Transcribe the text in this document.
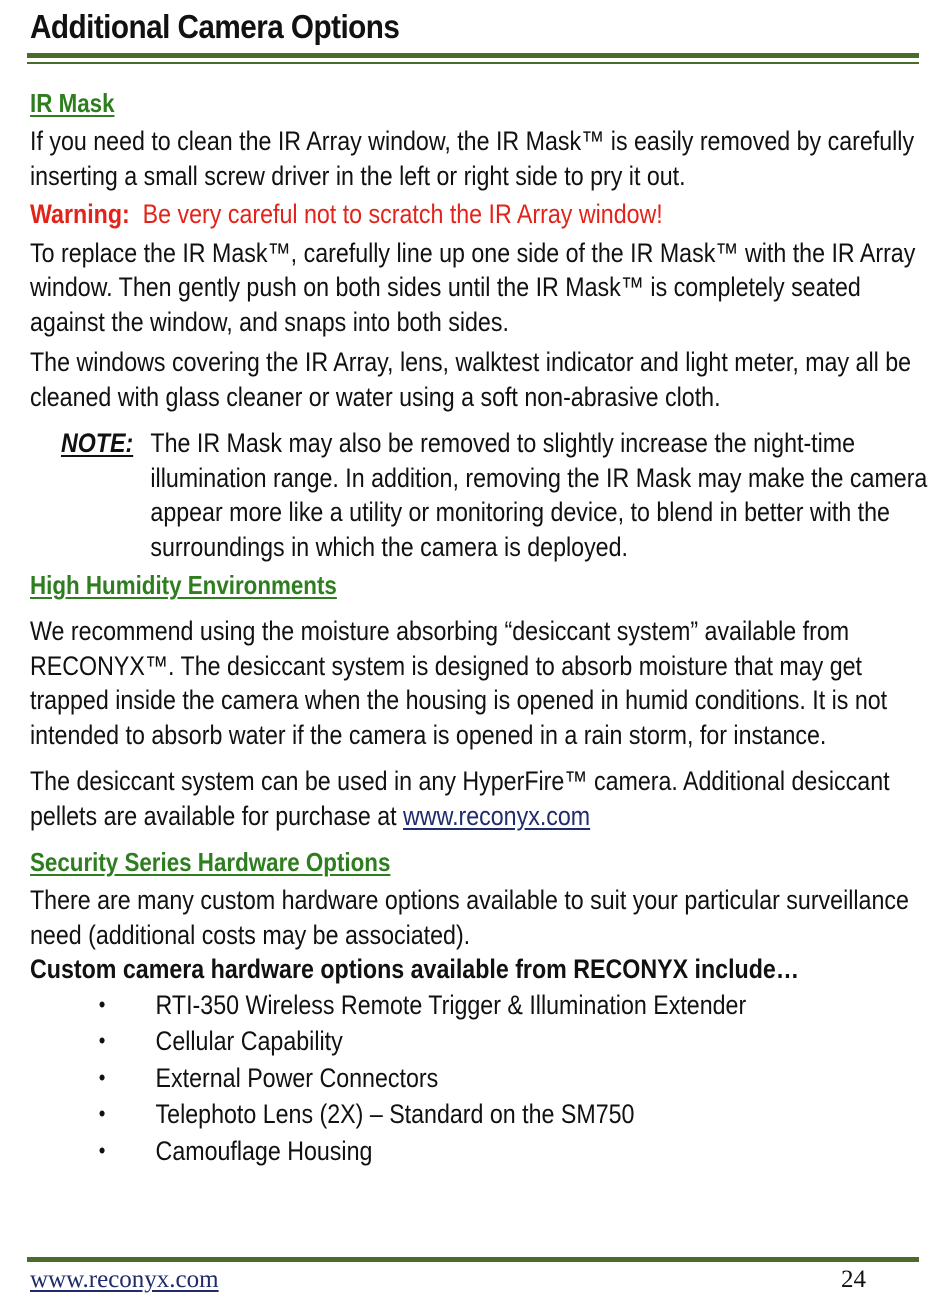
Additional Camera Options
IR Mask

If you need to clean the IR Array window, the IR Mask™ is easily removed by carefully inserting a small screw driver in the left or right side to pry it out.

Warning: Be very careful not to scratch the IR Array window!

To replace the IR Mask™, carefully line up one side of the IR Mask™ with the IR Array window. Then gently push on both sides until the IR Mask™ is completely seated against the window, and snaps into both sides.

The windows covering the IR Array, lens, walktest indicator and light meter, may all be cleaned with glass cleaner or water using a soft non-abrasive cloth.

NOTE: The IR Mask may also be removed to slightly increase the night-time illumination range. In addition, removing the IR Mask may make the camera appear more like a utility or monitoring device, to blend in better with the surroundings in which the camera is deployed.

High Humidity Environments

We recommend using the moisture absorbing “desiccant system” available from RECONYX™. The desiccant system is designed to absorb moisture that may get trapped inside the camera when the housing is opened in humid conditions. It is not intended to absorb water if the camera is opened in a rain storm, for instance.

The desiccant system can be used in any HyperFire™ camera. Additional desiccant pellets are available for purchase at www.reconyx.com

Security Series Hardware Options

There are many custom hardware options available to suit your particular surveillance need (additional costs may be associated).

Custom camera hardware options available from RECONYX include…

•	RTI-350 Wireless Remote Trigger & Illumination Extender
•	Cellular Capability
•	External Power Connectors
•	Telephoto Lens (2X) – Standard on the SM750
•	Camouflage Housing
www.reconyx.com	24
